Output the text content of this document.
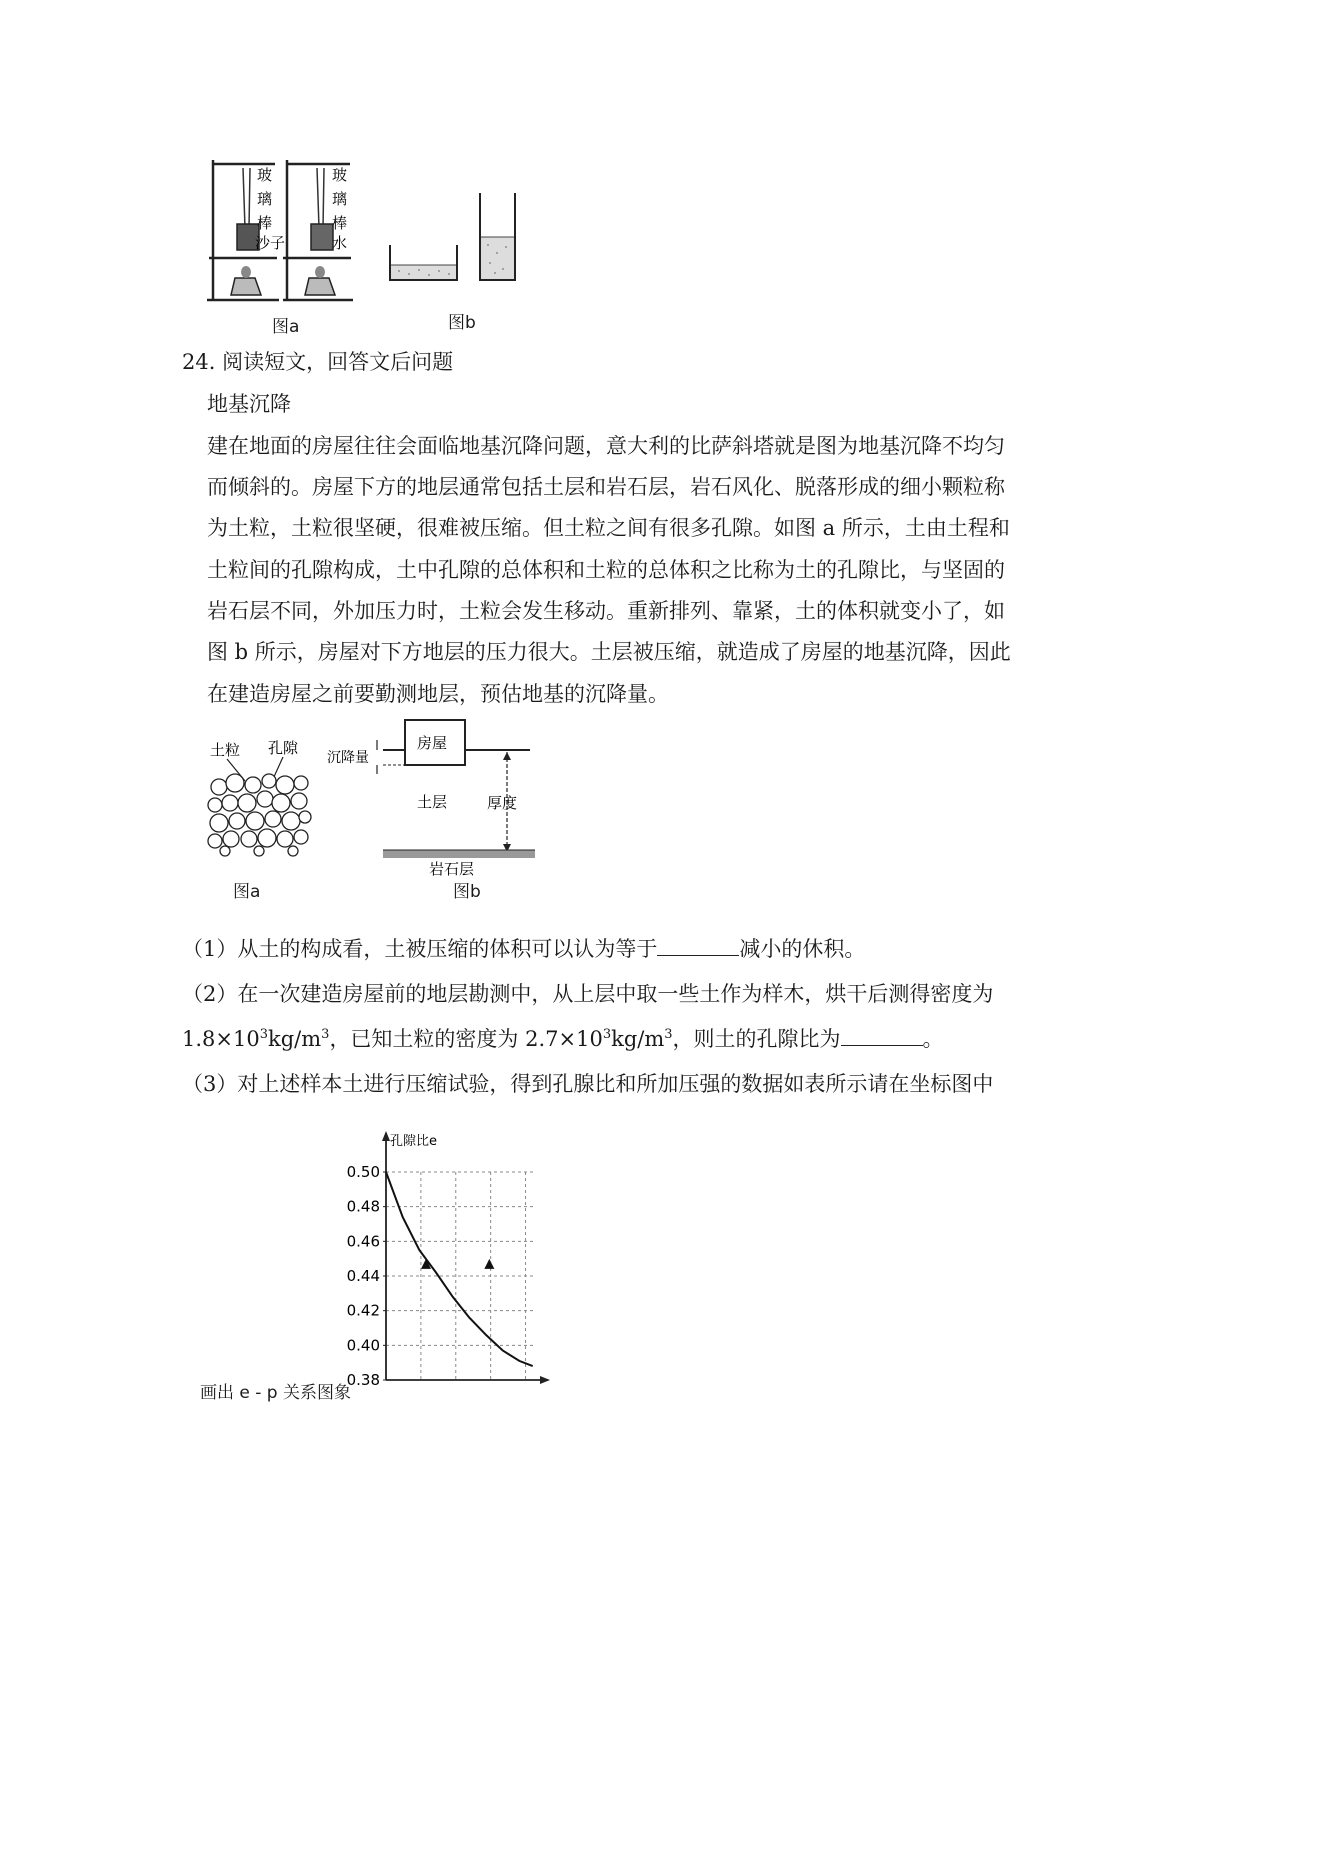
玻
璃
棒
沙子
玻
璃
棒
水
图a	图b
24. 阅读短文，回答文后问题
地基沉降
建在地面的房屋往往会面临地基沉降问题，意大利的比萨斜塔就是图为地基沉降不均匀
而倾斜的。房屋下方的地层通常包括土层和岩石层，岩石风化、脱落形成的细小颗粒称
为土粒，土粒很坚硬，很难被压缩。但土粒之间有很多孔隙。如图 a 所示，土由土程和
土粒间的孔隙构成，土中孔隙的总体积和土粒的总体积之比称为土的孔隙比，与坚固的
岩石层不同，外加压力时，土粒会发生移动。重新排列、靠紧，土的体积就变小了，如
图 b 所示，房屋对下方地层的压力很大。土层被压缩，就造成了房屋的地基沉降，因此
在建造房屋之前要勤测地层，预估地基的沉降量。
土粒 孔隙
图a
房屋
沉降量
土层	厚度
岩石层
图b
（1）从土的构成看，土被压缩的体积可以认为等于	减小的休积。
（2）在一次建造房屋前的地层勘测中，从上层中取一些土作为样木，烘干后测得密度为
$1.8\times 10^3kg/m^3$，已知土粒的密度为 $2.7\times 10^3kg/m^3$，则土的孔隙比为	。
（3）对上述样本土进行压缩试验，得到孔腺比和所加压强的数据如表所示请在坐标图中
画出 e - p 关系图象
孔隙比e
0.50
0.48
0.46
0.44
0.42
0.40
0.38
